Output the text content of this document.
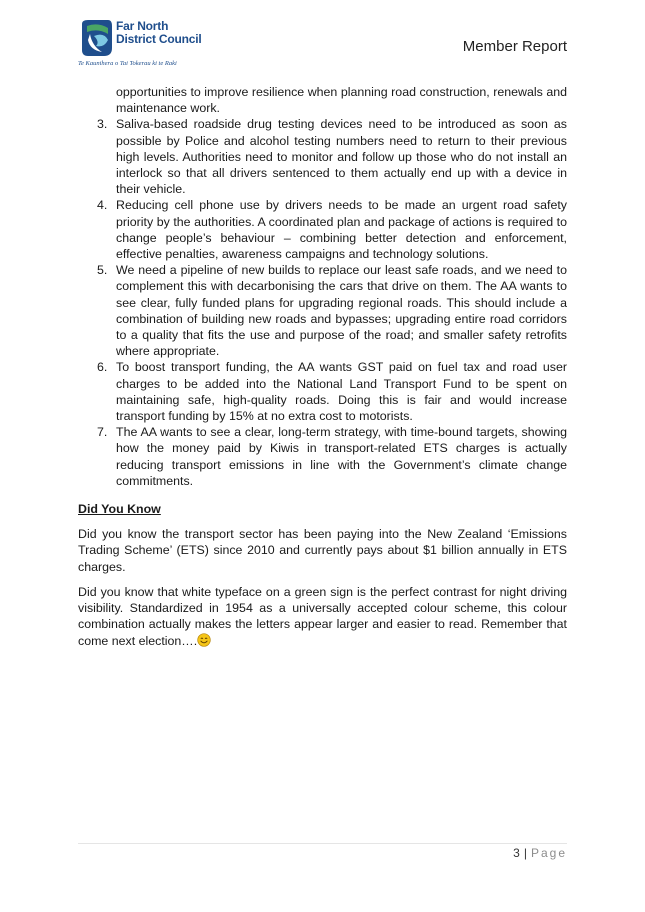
Far North
District Council
Te Kaunihera o Tai Tokerau ki te Raki
Member Report
opportunities to improve resilience when planning road construction, renewals and maintenance work.
3. Saliva-based roadside drug testing devices need to be introduced as soon as possible by Police and alcohol testing numbers need to return to their previous high levels. Authorities need to monitor and follow up those who do not install an interlock so that all drivers sentenced to them actually end up with a device in their vehicle.
4. Reducing cell phone use by drivers needs to be made an urgent road safety priority by the authorities. A coordinated plan and package of actions is required to change people’s behaviour – combining better detection and enforcement, effective penalties, awareness campaigns and technology solutions.
5. We need a pipeline of new builds to replace our least safe roads, and we need to complement this with decarbonising the cars that drive on them. The AA wants to see clear, fully funded plans for upgrading regional roads. This should include a combination of building new roads and bypasses; upgrading entire road corridors to a quality that fits the use and purpose of the road; and smaller safety retrofits where appropriate.
6. To boost transport funding, the AA wants GST paid on fuel tax and road user charges to be added into the National Land Transport Fund to be spent on maintaining safe, high-quality roads. Doing this is fair and would increase transport funding by 15% at no extra cost to motorists.
7. The AA wants to see a clear, long-term strategy, with time-bound targets, showing how the money paid by Kiwis in transport-related ETS charges is actually reducing transport emissions in line with the Government’s climate change commitments.
Did You Know

Did you know the transport sector has been paying into the New Zealand ‘Emissions Trading Scheme’ (ETS) since 2010 and currently pays about $1 billion annually in ETS charges.

Did you know that white typeface on a green sign is the perfect contrast for night driving visibility. Standardized in 1954 as a universally accepted colour scheme, this colour combination actually makes the letters appear larger and easier to read. Remember that come next election….

3 | Page
